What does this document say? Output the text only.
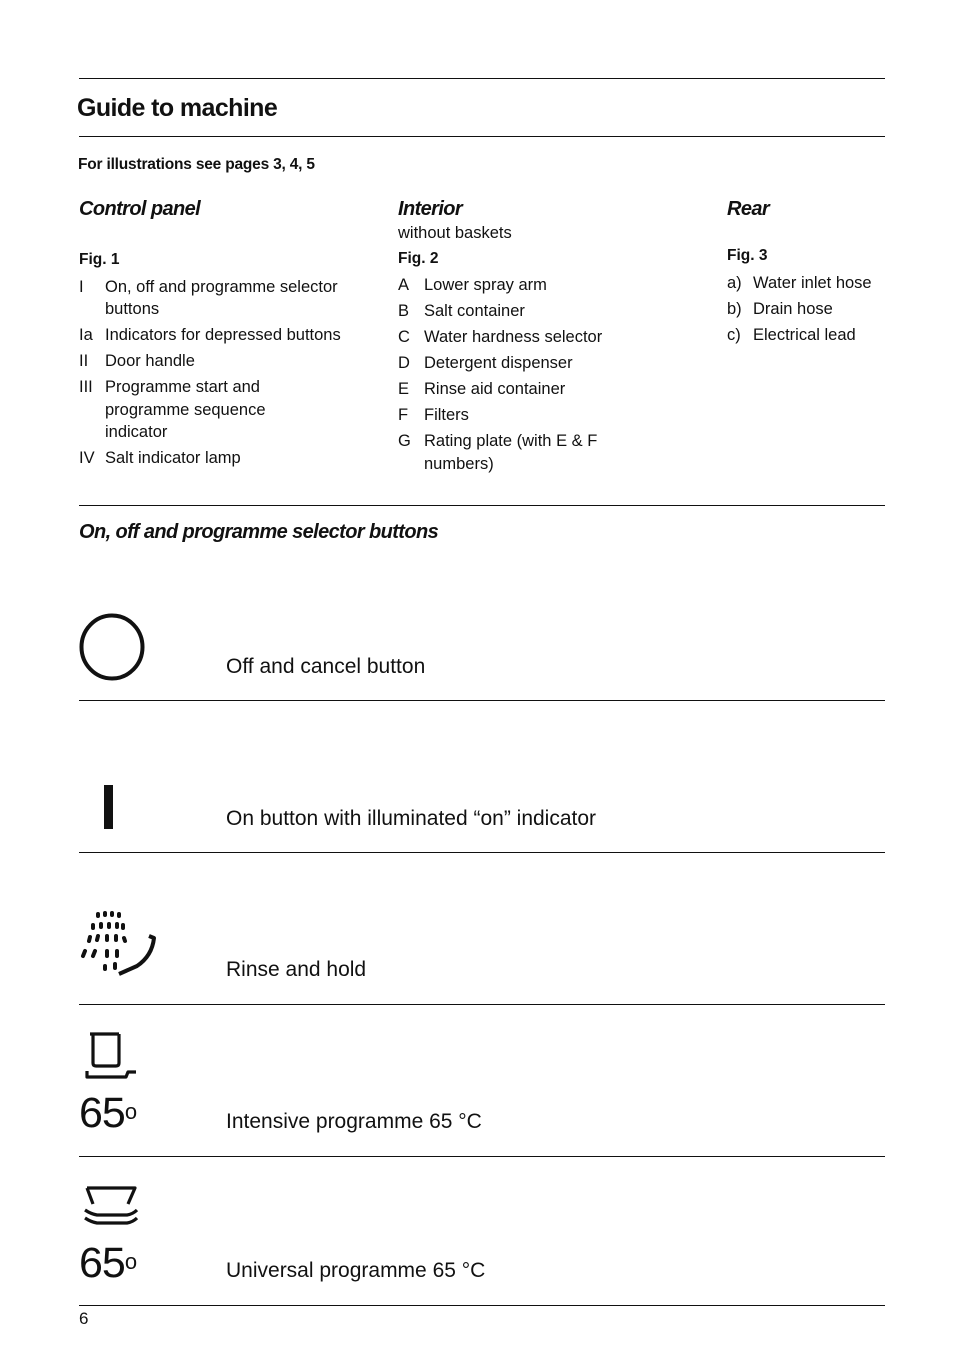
Guide to machine
For illustrations see pages 3, 4, 5
Control panel
Fig. 1
I	On, off and programme selector buttons
Ia Indicators for depressed buttons
II	Door handle
III Programme start and programme sequence indicator
IV Salt indicator lamp
Interior
without baskets
Fig. 2
A Lower spray arm
B Salt container
C Water hardness selector
D Detergent dispenser
E Rinse aid container
F Filters
G Rating plate (with E & F numbers)
Rear
Fig. 3
a) Water inlet hose
b) Drain hose
c) Electrical lead
On, off and programme selector buttons
Off and cancel button
On button with illuminated “on” indicator
Rinse and hold
65$^o$	Intensive programme 65 °C
65$^o$	Universal programme 65 °C
6
